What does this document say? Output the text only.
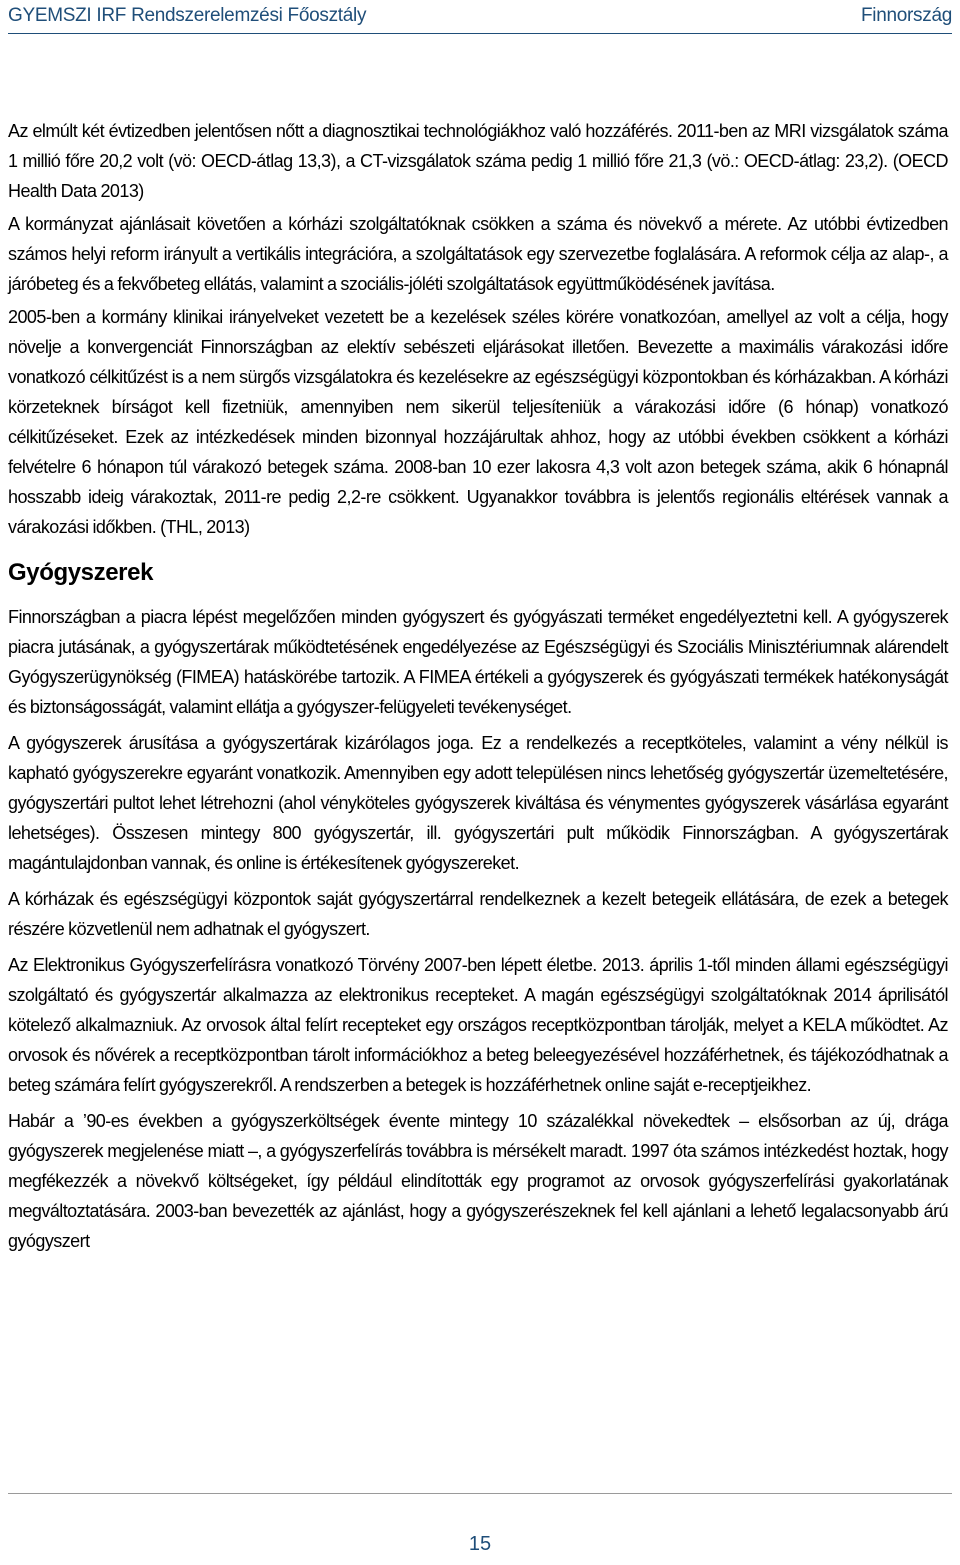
GYEMSZI IRF Rendszerelemzési Főosztály	Finnország

Az elmúlt két évtizedben jelentősen nőtt a diagnosztikai technológiákhoz való hozzáférés. 2011-ben az MRI vizsgálatok száma 1 millió főre 20,2 volt (vö: OECD-átlag 13,3), a CT-vizsgálatok száma pedig 1 millió főre 21,3 (vö.: OECD-átlag: 23,2). (OECD Health Data 2013)

A kormányzat ajánlásait követően a kórházi szolgáltatóknak csökken a száma és növekvő a mérete. Az utóbbi évtizedben számos helyi reform irányult a vertikális integrációra, a szolgáltatások egy szervezetbe foglalására. A reformok célja az alap-, a járóbeteg és a fekvőbeteg ellátás, valamint a szociális-jóléti szolgáltatások együttműködésének javítása.

2005-ben a kormány klinikai irányelveket vezetett be a kezelések széles körére vonatkozóan, amellyel az volt a célja, hogy növelje a konvergenciát Finnországban az elektív sebészeti eljárásokat illetően. Bevezette a maximális várakozási időre vonatkozó célkitűzést is a nem sürgős vizsgálatokra és kezelésekre az egészségügyi központokban és kórházakban. A kórházi körzeteknek bírságot kell fizetniük, amennyiben nem sikerül teljesíteniük a várakozási időre (6 hónap) vonatkozó célkitűzéseket. Ezek az intézkedések minden bizonnyal hozzájárultak ahhoz, hogy az utóbbi években csökkent a kórházi felvételre 6 hónapon túl várakozó betegek száma. 2008-ban 10 ezer lakosra 4,3 volt azon betegek száma, akik 6 hónapnál hosszabb ideig várakoztak, 2011-re pedig 2,2-re csökkent. Ugyanakkor továbbra is jelentős regionális eltérések vannak a várakozási időkben. (THL, 2013)

Gyógyszerek

Finnországban a piacra lépést megelőzően minden gyógyszert és gyógyászati terméket engedélyeztetni kell. A gyógyszerek piacra jutásának, a gyógyszertárak működtetésének engedélyezése az Egészségügyi és Szociális Minisztériumnak alárendelt Gyógyszerügynökség (FIMEA) hatáskörébe tartozik. A FIMEA értékeli a gyógyszerek és gyógyászati termékek hatékonyságát és biztonságosságát, valamint ellátja a gyógyszer-felügyeleti tevékenységet.

A gyógyszerek árusítása a gyógyszertárak kizárólagos joga. Ez a rendelkezés a receptköteles, valamint a vény nélkül is kapható gyógyszerekre egyaránt vonatkozik. Amennyiben egy adott településen nincs lehetőség gyógyszertár üzemeltetésére, gyógyszertári pultot lehet létrehozni (ahol vényköteles gyógyszerek kiváltása és vénymentes gyógyszerek vásárlása egyaránt lehetséges). Összesen mintegy 800 gyógyszertár, ill. gyógyszertári pult működik Finnországban. A gyógyszertárak magántulajdonban vannak, és online is értékesítenek gyógyszereket.

A kórházak és egészségügyi központok saját gyógyszertárral rendelkeznek a kezelt betegeik ellátására, de ezek a betegek részére közvetlenül nem adhatnak el gyógyszert.

Az Elektronikus Gyógyszerfelírásra vonatkozó Törvény 2007-ben lépett életbe. 2013. április 1-től minden állami egészségügyi szolgáltató és gyógyszertár alkalmazza az elektronikus recepteket. A magán egészségügyi szolgáltatóknak 2014 áprilisától kötelező alkalmazniuk. Az orvosok által felírt recepteket egy országos receptközpontban tárolják, melyet a KELA működtet. Az orvosok és nővérek a receptközpontban tárolt információkhoz a beteg beleegyezésével hozzáférhetnek, és tájékozódhatnak a beteg számára felírt gyógyszerekről. A rendszerben a betegek is hozzáférhetnek online saját e-receptjeikhez.

Habár a ’90-es években a gyógyszerköltségek évente mintegy 10 százalékkal növekedtek – elsősorban az új, drága gyógyszerek megjelenése miatt –, a gyógyszerfelírás továbbra is mérsékelt maradt. 1997 óta számos intézkedést hoztak, hogy megfékezzék a növekvő költségeket, így például elindították egy programot az orvosok gyógyszerfelírási gyakorlatának megváltoztatására. 2003-ban bevezették az ajánlást, hogy a gyógyszerészeknek fel kell ajánlani a lehető legalacsonyabb árú gyógyszert

15
